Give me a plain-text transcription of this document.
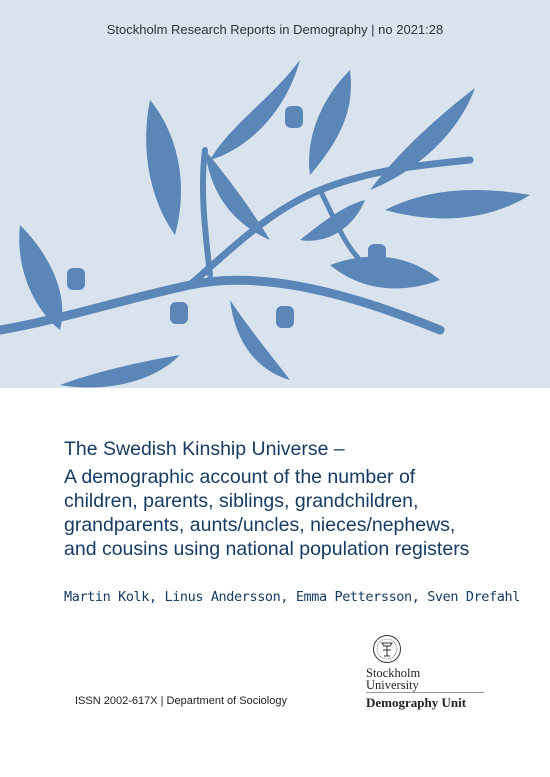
Stockholm Research Reports in Demography | no 2021:28

The Swedish Kinship Universe –

A demographic account of the number of
children, parents, siblings, grandchildren,
grandparents, aunts/uncles, nieces/nephews,
and cousins using national population registers

Martin Kolk, Linus Andersson, Emma Pettersson, Sven Drefahl
Stockholm
University
Demography Unit
ISSN 2002-617X | Department of Sociology
